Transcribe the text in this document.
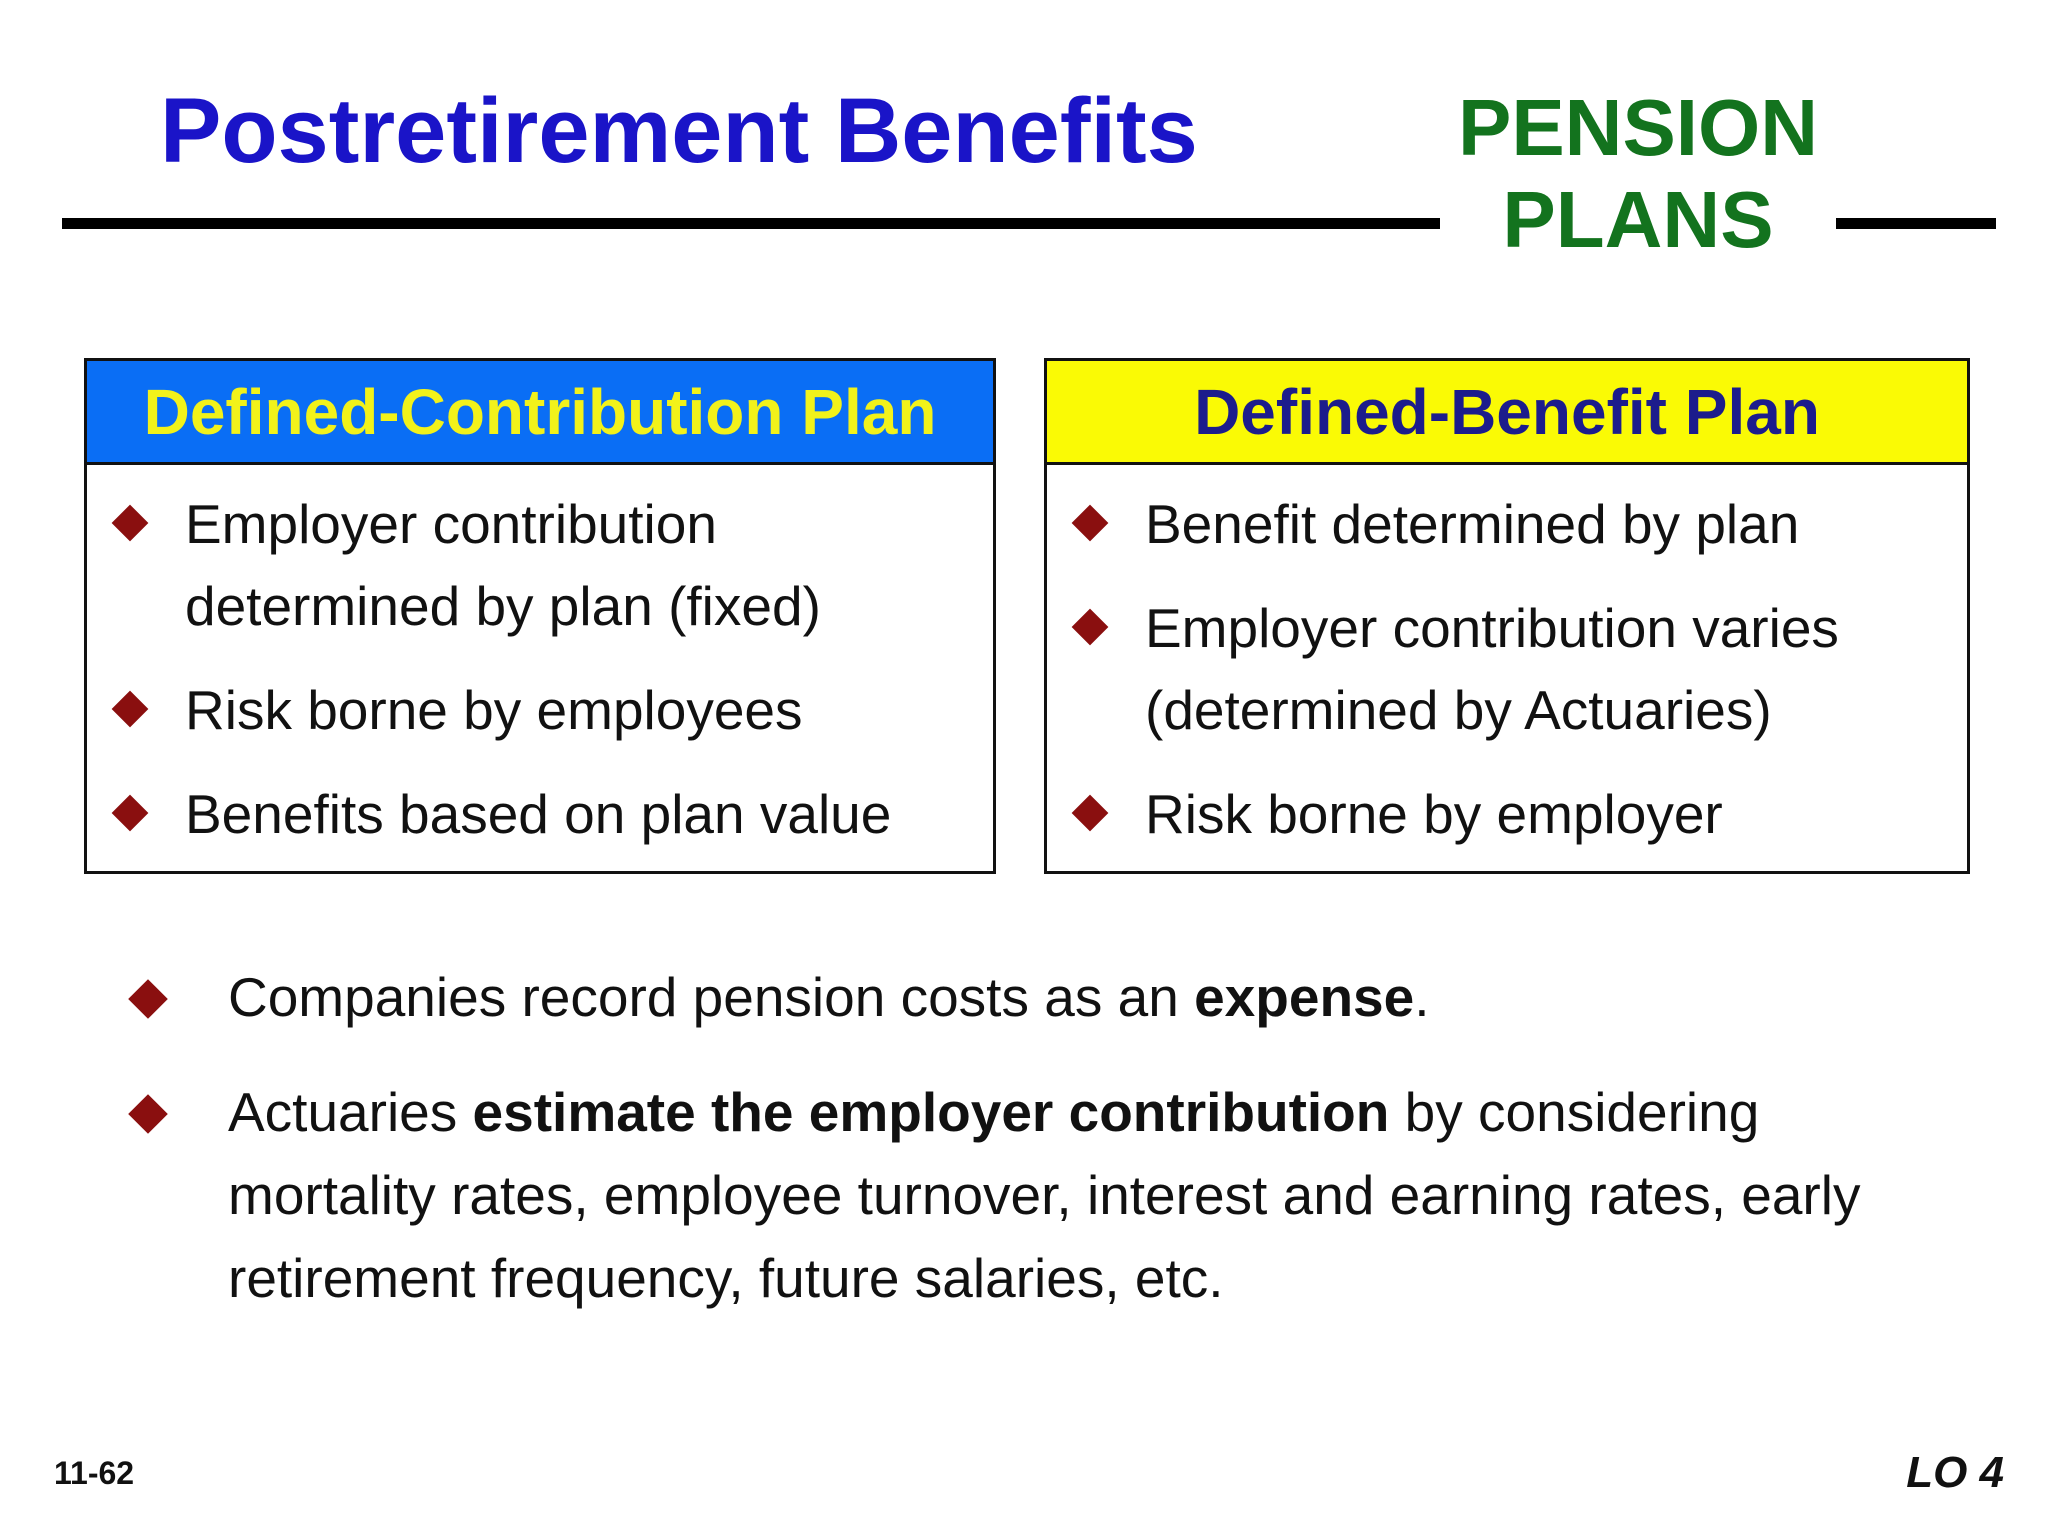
Postretirement Benefits	PENSION
PLANS
Defined-Contribution Plan
Employer contribution
determined by plan (fixed)
Risk borne by employees
Benefits based on plan value
Defined-Benefit Plan
Benefit determined by plan
Employer contribution varies
(determined by Actuaries)
Risk borne by employer
Companies record pension costs as an expense.
Actuaries estimate the employer contribution by considering mortality rates, employee turnover, interest and earning rates, early retirement frequency, future salaries, etc.
11-62	LO 4
